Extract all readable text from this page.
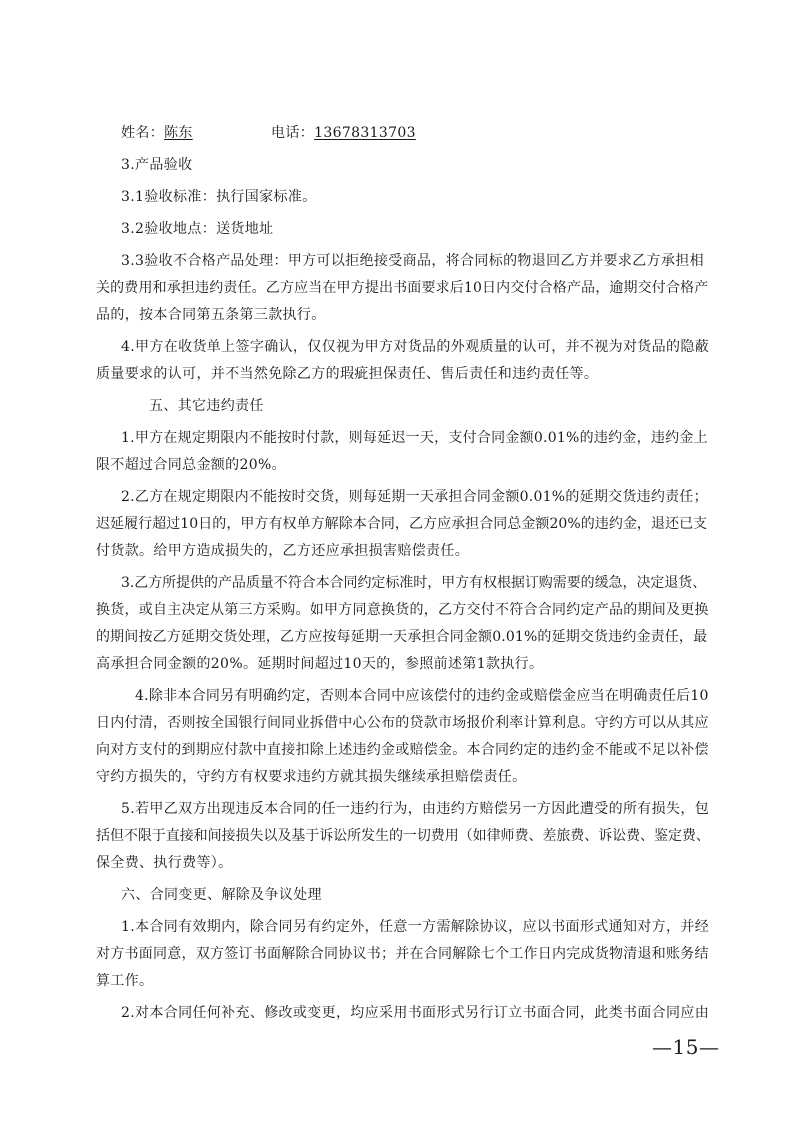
姓名：陈东	电话：13678313703
3.产品验收
3.1验收标准：执行国家标准。
3.2验收地点：送货地址
3.3验收不合格产品处理：甲方可以拒绝接受商品，将合同标的物退回乙方并要求乙方承担相
关的费用和承担违约责任。乙方应当在甲方提出书面要求后10日内交付合格产品，逾期交付合格产
品的，按本合同第五条第三款执行。
4.甲方在收货单上签字确认，仅仅视为甲方对货品的外观质量的认可，并不视为对货品的隐蔽
质量要求的认可，并不当然免除乙方的瑕疵担保责任、售后责任和违约责任等。
五、其它违约责任
1.甲方在规定期限内不能按时付款，则每延迟一天，支付合同金额0.01%的违约金，违约金上
限不超过合同总金额的20%。
2.乙方在规定期限内不能按时交货，则每延期一天承担合同金额0.01%的延期交货违约责任；
迟延履行超过10日的，甲方有权单方解除本合同，乙方应承担合同总金额20%的违约金，退还已支
付货款。给甲方造成损失的，乙方还应承担损害赔偿责任。
3.乙方所提供的产品质量不符合本合同约定标准时，甲方有权根据订购需要的缓急，决定退货、
换货，或自主决定从第三方采购。如甲方同意换货的，乙方交付不符合合同约定产品的期间及更换
的期间按乙方延期交货处理，乙方应按每延期一天承担合同金额0.01%的延期交货违约金责任，最
高承担合同金额的20%。延期时间超过10天的，参照前述第1款执行。
4.除非本合同另有明确约定，否则本合同中应该偿付的违约金或赔偿金应当在明确责任后10
日内付清，否则按全国银行间同业拆借中心公布的贷款市场报价利率计算利息。守约方可以从其应
向对方支付的到期应付款中直接扣除上述违约金或赔偿金。本合同约定的违约金不能或不足以补偿
守约方损失的，守约方有权要求违约方就其损失继续承担赔偿责任。
5.若甲乙双方出现违反本合同的任一违约行为，由违约方赔偿另一方因此遭受的所有损失，包
括但不限于直接和间接损失以及基于诉讼所发生的一切费用（如律师费、差旅费、诉讼费、鉴定费、
保全费、执行费等）。
六、合同变更、解除及争议处理
1.本合同有效期内，除合同另有约定外，任意一方需解除协议，应以书面形式通知对方，并经
对方书面同意，双方签订书面解除合同协议书；并在合同解除七个工作日内完成货物清退和账务结
算工作。
2.对本合同任何补充、修改或变更，均应采用书面形式另行订立书面合同，此类书面合同应由
—15—
